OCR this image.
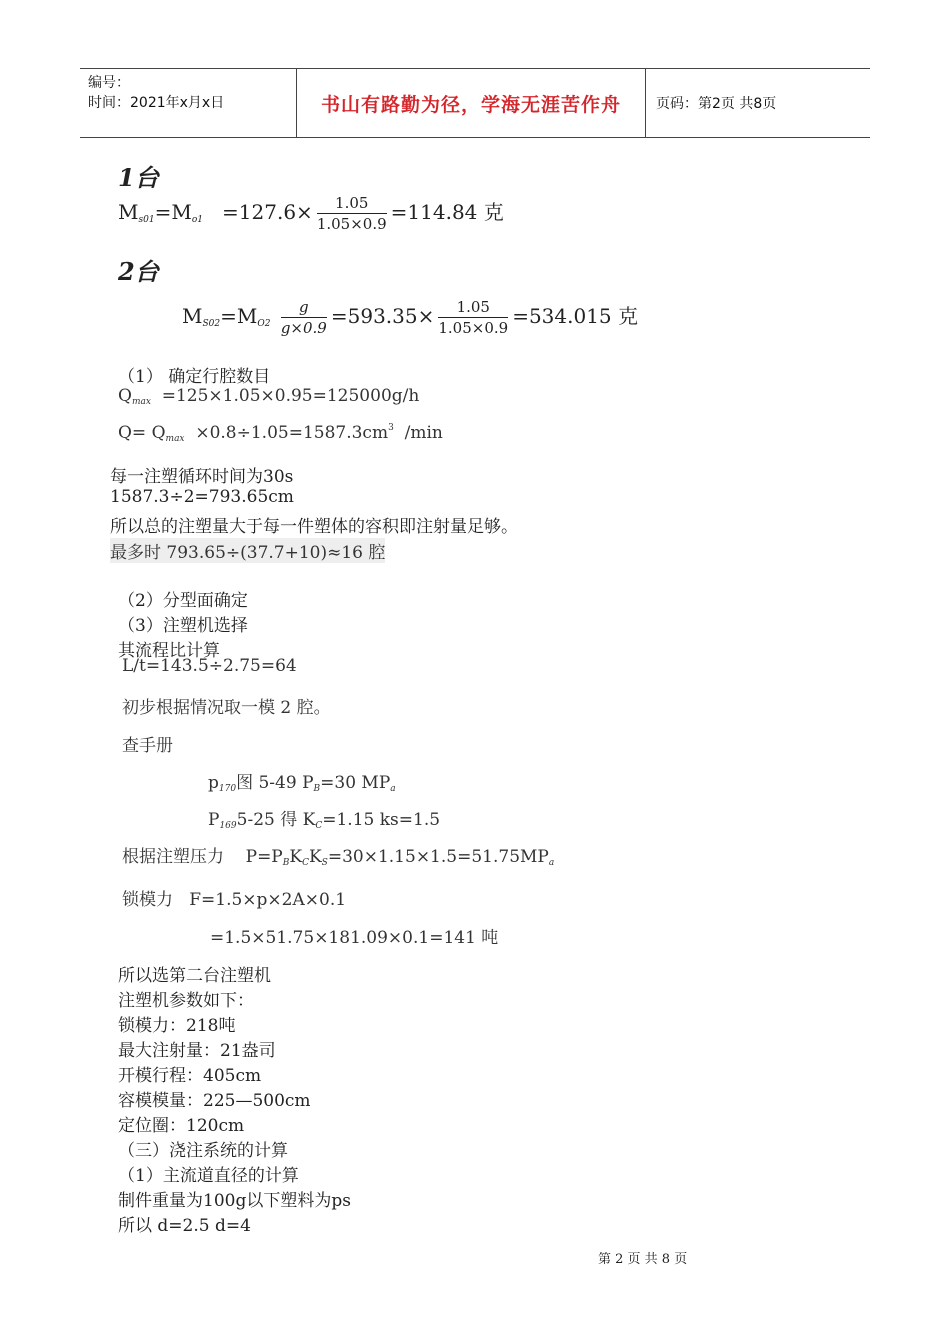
编号：
时间：2021年x月x日	书山有路勤为径，学海无涯苦作舟	页码：第2页 共8页
1台
$M_{s01}=M_{o1} =127.6\times \frac{1.05}{1.05\times 0.9} =114.84$ 克
2台
$M_{S02}=M_{O2} \frac{g}{g\times 0.9} =593.35\times \frac{1.05}{1.05\times 0.9} =534.015$ 克
（1） 确定行腔数目
$Q_{max} =125\times 1.05\times 0.95=125000g/h$
$Q= Q_{max} \times 0.8\div 1.05=1587.3cm^3$ /min
每一注塑循环时间为30s
1587.3÷2=793.65cm
所以总的注塑量大于每一件塑体的容积即注射量足够。
最多时 793.65÷(37.7+10)≈16 腔
（2）分型面确定
（3）注塑机选择
其流程比计算
L/t=143.5÷2.75=64
初步根据情况取一模 2 腔。
查手册
$p_{170}$图 5-49 $P_B=30$ $MP_a$
$P_{169}5-25$ 得 $K_C=1.15$ ks=1.5
根据注塑压力 $P=P_BK_CK_S=30\times 1.15\times 1.5=51.75MP_a$
锁模力 F=1.5×p×2A×0.1
=1.5×51.75×181.09×0.1=141 吨
所以选第二台注塑机
注塑机参数如下：
锁模力：218吨
最大注射量：21盎司
开模行程：405cm
容模模量：225—500cm
定位圈：120cm
（三）浇注系统的计算
（1）主流道直径的计算
制件重量为100g以下塑料为ps
所以 d=2.5 d=4
第 2 页 共 8 页
